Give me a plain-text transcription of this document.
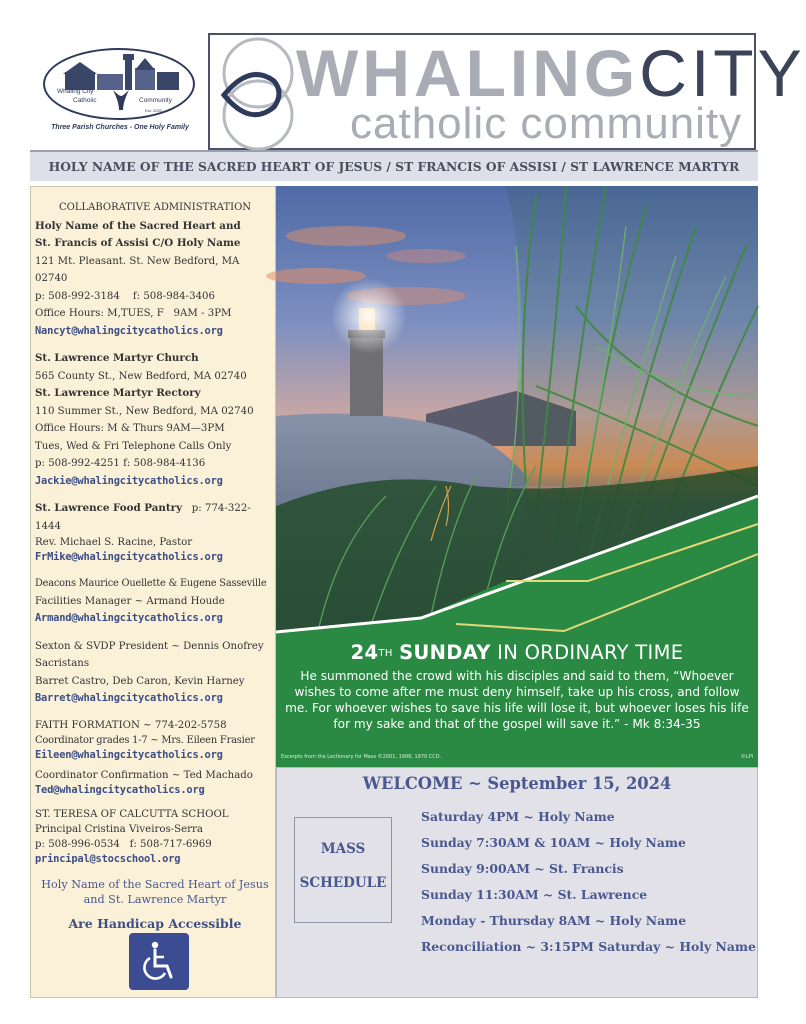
Whaling City
Catholic	Community
Est. 2020
Three Parish Churches - One Holy Family
WHALINGCITY
catholic community
HOLY NAME OF THE SACRED HEART OF JESUS / ST FRANCIS OF ASSISI / ST LAWRENCE MARTYR
COLLABORATIVE ADMINISTRATION
Holy Name of the Sacred Heart and
St. Francis of Assisi C/O Holy Name
121 Mt. Pleasant. St. New Bedford, MA 02740
p: 508-992-3184 f: 508-984-3406
Office Hours: M,TUES, F   9AM - 3PM
Nancyt@whalingcitycatholics.org
St. Lawrence Martyr Church
565 County St., New Bedford, MA 02740
St. Lawrence Martyr Rectory
110 Summer St., New Bedford, MA 02740
Office Hours: M & Thurs 9AM—3PM
Tues, Wed & Fri Telephone Calls Only
p: 508-992-4251 f: 508-984-4136
Jackie@whalingcitycatholics.org
St. Lawrence Food Pantry p: 774-322-1444
Rev. Michael S. Racine, Pastor
FrMike@whalingcitycatholics.org
Deacons Maurice Ouellette & Eugene Sasseville
Facilities Manager ~ Armand Houde
Armand@whalingcitycatholics.org
Sexton & SVDP President ~ Dennis Onofrey
Sacristans
Barret Castro, Deb Caron, Kevin Harney
Barret@whalingcitycatholics.org
FAITH FORMATION ~ 774-202-5758
Coordinator grades 1-7 ~ Mrs. Eileen Frasier
Eileen@whalingcitycatholics.org
Coordinator Confirmation ~ Ted Machado
Ted@whalingcitycatholics.org
ST. TERESA OF CALCUTTA SCHOOL
Principal Cristina Viveiros-Serra
p: 508-996-0534   f: 508-717-6969
principal@stocschool.org
Holy Name of the Sacred Heart of Jesus
and St. Lawrence Martyr
Are Handicap Accessible
24TH SUNDAY IN ORDINARY TIME
He summoned the crowd with his disciples and said to them, “Whoever wishes to come after me must deny himself, take up his cross, and follow me. For whoever wishes to save his life will lose it, but whoever loses his life for my sake and that of the gospel will save it.” - Mk 8:34-35
Excerpts from the Lectionary for Mass ©2001, 1998, 1970 CCD.	©LPi
WELCOME ~ September 15, 2024
MASS
SCHEDULE
Saturday 4PM ~ Holy Name
Sunday 7:30AM & 10AM ~ Holy Name
Sunday 9:00AM ~ St. Francis
Sunday 11:30AM ~ St. Lawrence
Monday - Thursday 8AM ~ Holy Name
Reconciliation ~ 3:15PM Saturday ~ Holy Name
